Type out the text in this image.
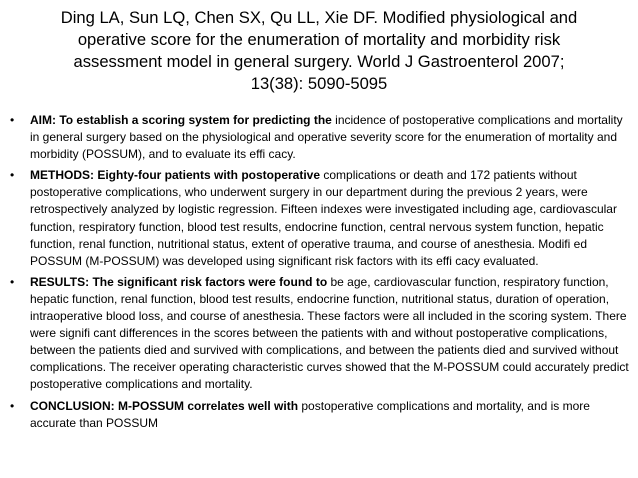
Ding LA, Sun LQ, Chen SX, Qu LL, Xie DF. Modified physiological and operative score for the enumeration of mortality and morbidity risk assessment model in general surgery. World J Gastroenterol 2007; 13(38): 5090-5095
• AIM: To establish a scoring system for predicting the incidence of postoperative complications and mortality in general surgery based on the physiological and operative severity score for the enumeration of mortality and morbidity (POSSUM), and to evaluate its effi cacy.
• METHODS: Eighty-four patients with postoperative complications or death and 172 patients without postoperative complications, who underwent surgery in our department during the previous 2 years, were retrospectively analyzed by logistic regression. Fifteen indexes were investigated including age, cardiovascular function, respiratory function, blood test results, endocrine function, central nervous system function, hepatic function, renal function, nutritional status, extent of operative trauma, and course of anesthesia. Modifi ed POSSUM (M-POSSUM) was developed using significant risk factors with its effi cacy evaluated.
• RESULTS: The significant risk factors were found to be age, cardiovascular function, respiratory function, hepatic function, renal function, blood test results, endocrine function, nutritional status, duration of operation, intraoperative blood loss, and course of anesthesia. These factors were all included in the scoring system. There were signifi cant differences in the scores between the patients with and without postoperative complications, between the patients died and survived with complications, and between the patients died and survived without complications. The receiver operating characteristic curves showed that the M-POSSUM could accurately predict postoperative complications and mortality.
• CONCLUSION: M-POSSUM correlates well with postoperative complications and mortality, and is more accurate than POSSUM
